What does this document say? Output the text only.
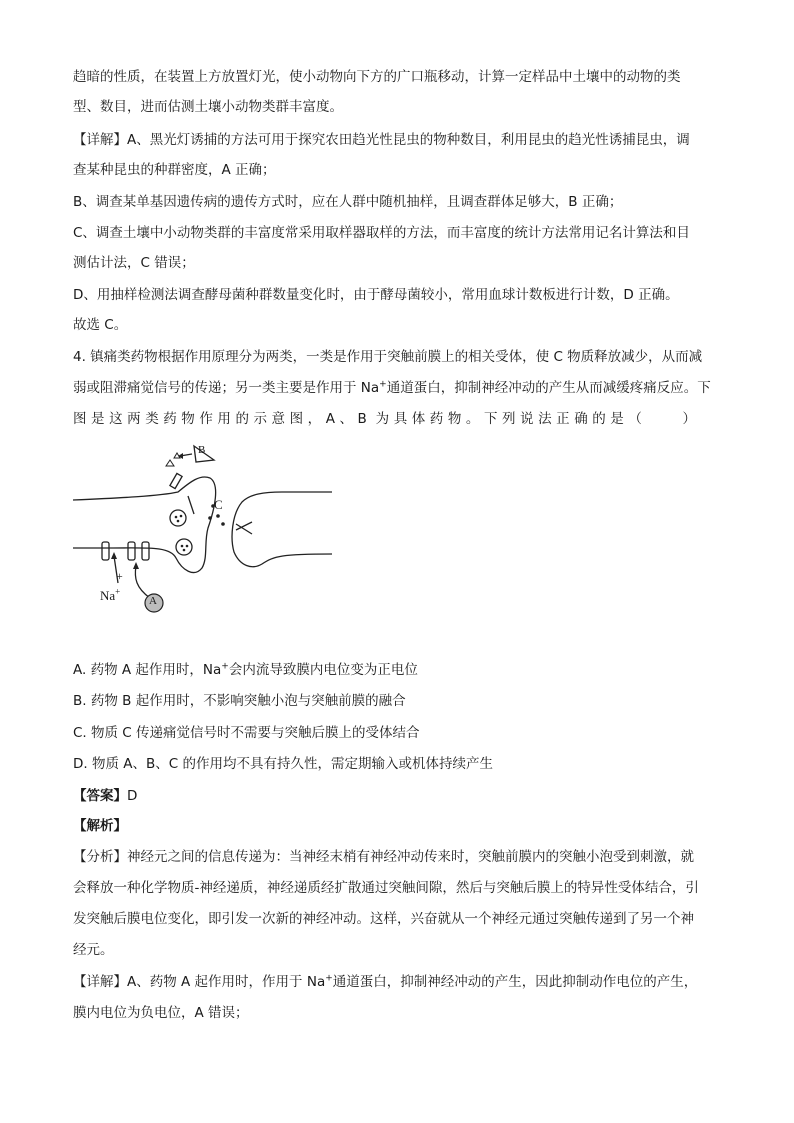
趋暗的性质，在装置上方放置灯光，使小动物向下方的广口瓶移动，计算一定样品中土壤中的动物的类
型、数目，进而估测土壤小动物类群丰富度。
【详解】A、黑光灯诱捕的方法可用于探究农田趋光性昆虫的物种数目，利用昆虫的趋光性诱捕昆虫，调
查某种昆虫的种群密度，A 正确；
B、调查某单基因遗传病的遗传方式时，应在人群中随机抽样，且调查群体足够大，B 正确；
C、调查土壤中小动物类群的丰富度常采用取样器取样的方法，而丰富度的统计方法常用记名计算法和目
测估计法，C 错误；
D、用抽样检测法调查酵母菌种群数量变化时，由于酵母菌较小，常用血球计数板进行计数，D 正确。
故选 C。
4. 镇痛类药物根据作用原理分为两类，一类是作用于突触前膜上的相关受体，使 C 物质释放减少，从而减
弱或阻滞痛觉信号的传递；另一类主要是作用于 Na+通道蛋白，抑制神经冲动的产生从而减缓疼痛反应。下
图是这两类药物作用的示意图，A、B 为具体药物。下列说法正确的是（　　）
B
C
+
Na+
A
A. 药物 A 起作用时，Na+会内流导致膜内电位变为正电位
B. 药物 B 起作用时，不影响突触小泡与突触前膜的融合
C. 物质 C 传递痛觉信号时不需要与突触后膜上的受体结合
D. 物质 A、B、C 的作用均不具有持久性，需定期输入或机体持续产生
【答案】D
【解析】
【分析】神经元之间的信息传递为：当神经末梢有神经冲动传来时，突触前膜内的突触小泡受到刺激，就
会释放一种化学物质-神经递质，神经递质经扩散通过突触间隙，然后与突触后膜上的特异性受体结合，引
发突触后膜电位变化，即引发一次新的神经冲动。这样，兴奋就从一个神经元通过突触传递到了另一个神
经元。
【详解】A、药物 A 起作用时，作用于 Na+通道蛋白，抑制神经冲动的产生，因此抑制动作电位的产生，
膜内电位为负电位，A 错误；
